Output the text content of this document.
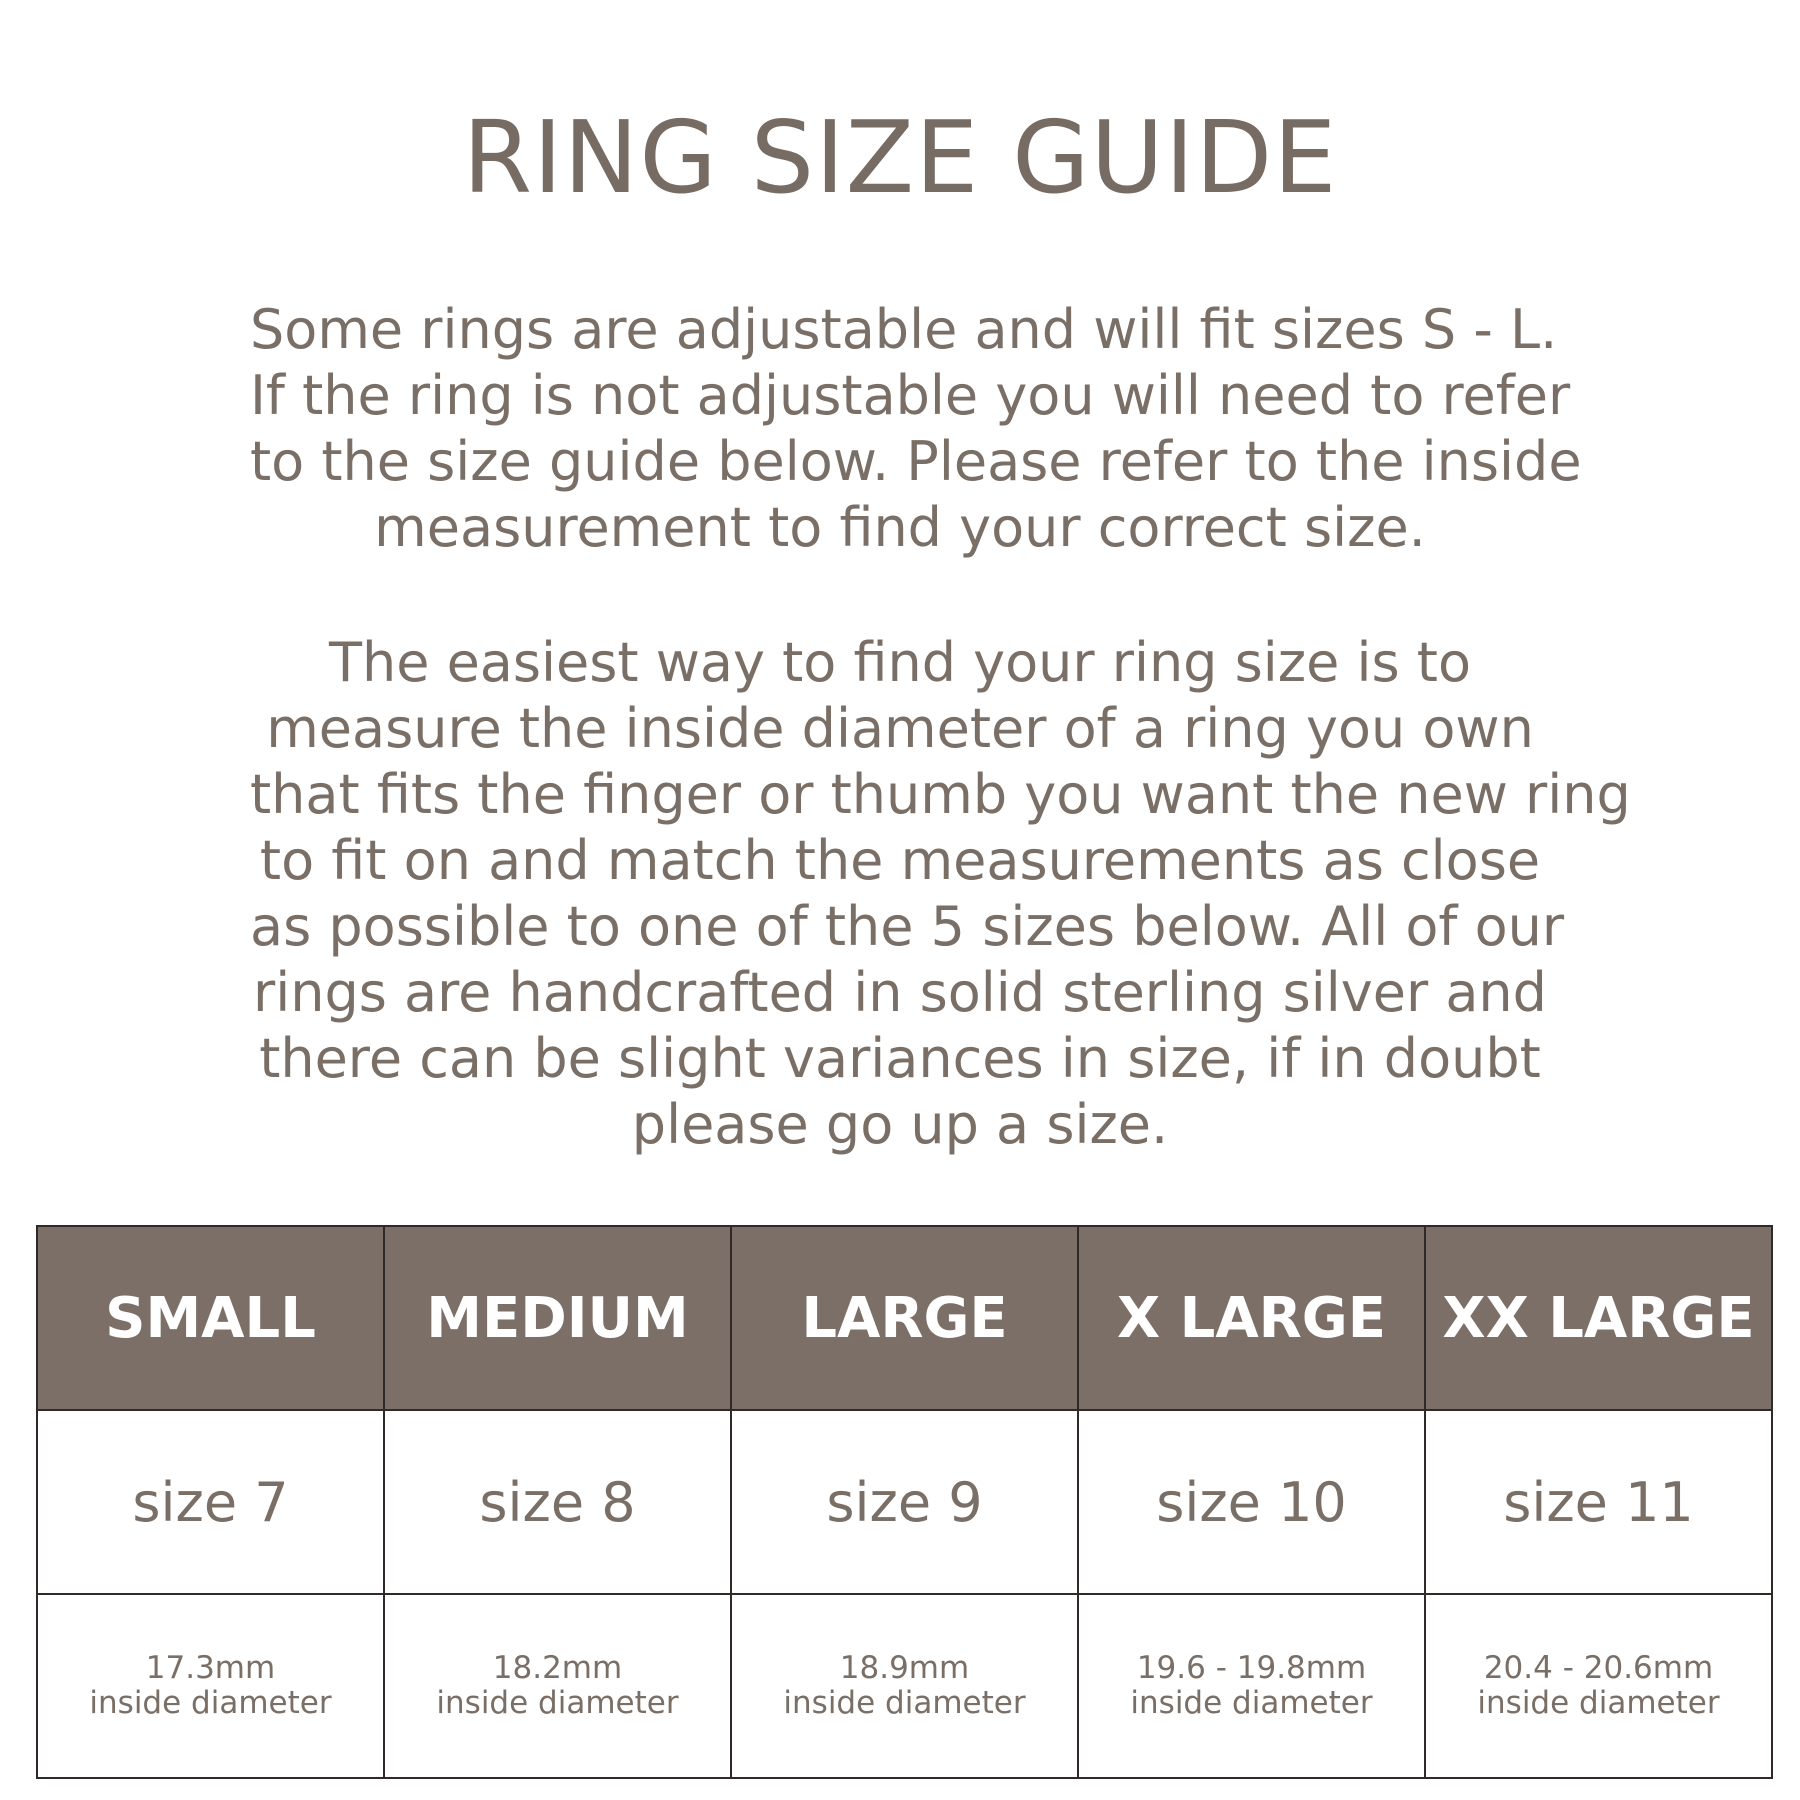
RING SIZE GUIDE

Some rings are adjustable and will fit sizes S - L.
If the ring is not adjustable you will need to refer
to the size guide below. Please refer to the inside
measurement to find your correct size.

The easiest way to find your ring size is to
measure the inside diameter of a ring you own
that fits the finger or thumb you want the new ring
to fit on and match the measurements as close
as possible to one of the 5 sizes below. All of our
rings are handcrafted in solid sterling silver and
there can be slight variances in size, if in doubt
please go up a size.

SMALL	MEDIUM	LARGE	X LARGE	XX LARGE
size 7	size 8	size 9	size 10	size 11

17.3mm
inside diameter	18.2mm
inside diameter	18.9mm
inside diameter	19.6 - 19.8mm
inside diameter	20.4 - 20.6mm
inside diameter
